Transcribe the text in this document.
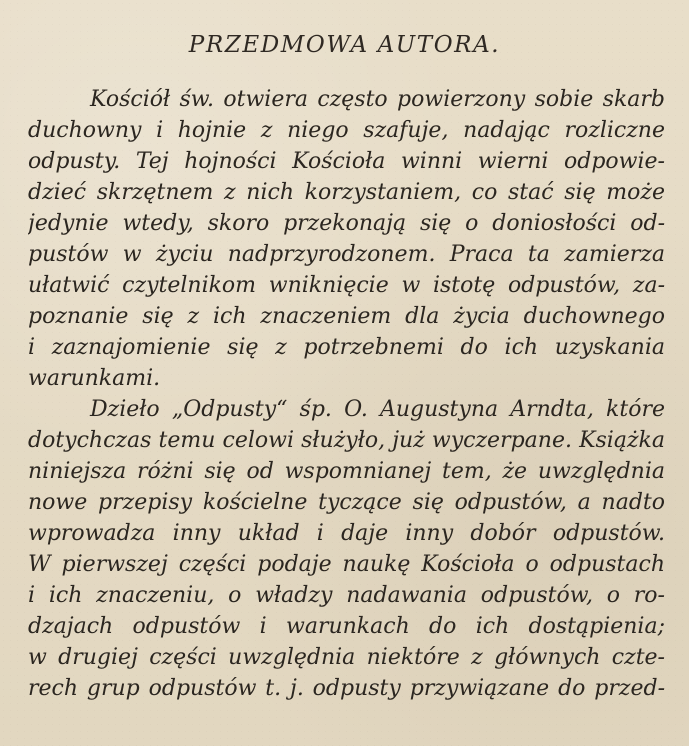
PRZEDMOWA AUTORA.
Kościół św. otwiera często powierzony sobie skarb
duchowny i hojnie z niego szafuje, nadając rozliczne
odpusty. Tej hojności Kościoła winni wierni odpowie-
dzieć skrzętnem z nich korzystaniem, co stać się może
jedynie wtedy, skoro przekonają się o doniosłości od-
pustów w życiu nadprzyrodzonem. Praca ta zamierza
ułatwić czytelnikom wniknięcie w istotę odpustów, za-
poznanie się z ich znaczeniem dla życia duchownego
i zaznajomienie się z potrzebnemi do ich uzyskania
warunkami.
Dzieło „Odpusty“ śp. O. Augustyna Arndta, które
dotychczas temu celowi służyło, już wyczerpane. Książka
niniejsza różni się od wspomnianej tem, że uwzględnia
nowe przepisy kościelne tyczące się odpustów, a nadto
wprowadza inny układ i daje inny dobór odpustów.
W pierwszej części podaje naukę Kościoła o odpustach
i ich znaczeniu, o władzy nadawania odpustów, o ro-
dzajach odpustów i warunkach do ich dostąpienia;
w drugiej części uwzględnia niektóre z głównych czte-
rech grup odpustów t. j. odpusty przywiązane do przed-
